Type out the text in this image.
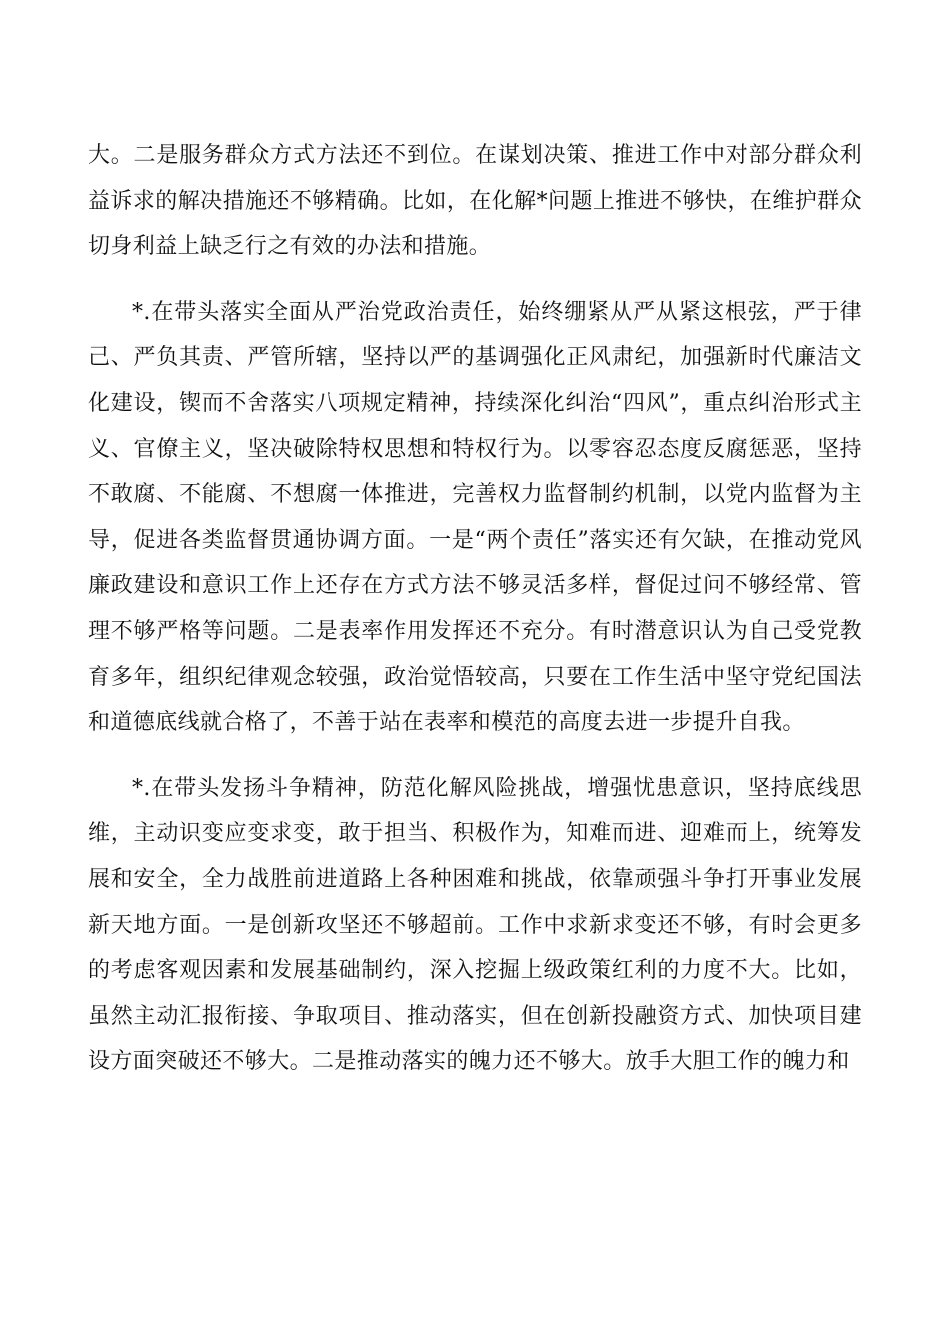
大。二是服务群众方式方法还不到位。在谋划决策、推进工作中对部分群众利益诉求的解决措施还不够精确。比如，在化解*问题上推进不够快，在维护群众切身利益上缺乏行之有效的办法和措施。

*.在带头落实全面从严治党政治责任，始终绷紧从严从紧这根弦，严于律己、严负其责、严管所辖，坚持以严的基调强化正风肃纪，加强新时代廉洁文化建设，锲而不舍落实八项规定精神，持续深化纠治“四风”，重点纠治形式主义、官僚主义，坚决破除特权思想和特权行为。以零容忍态度反腐惩恶，坚持不敢腐、不能腐、不想腐一体推进，完善权力监督制约机制，以党内监督为主导，促进各类监督贯通协调方面。一是“两个责任”落实还有欠缺，在推动党风廉政建设和意识工作上还存在方式方法不够灵活多样，督促过问不够经常、管理不够严格等问题。二是表率作用发挥还不充分。有时潜意识认为自己受党教育多年，组织纪律观念较强，政治觉悟较高，只要在工作生活中坚守党纪国法和道德底线就合格了，不善于站在表率和模范的高度去进一步提升自我。

*.在带头发扬斗争精神，防范化解风险挑战，增强忧患意识，坚持底线思维，主动识变应变求变，敢于担当、积极作为，知难而进、迎难而上，统筹发展和安全，全力战胜前进道路上各种困难和挑战，依靠顽强斗争打开事业发展新天地方面。一是创新攻坚还不够超前。工作中求新求变还不够，有时会更多的考虑客观因素和发展基础制约，深入挖掘上级政策红利的力度不大。比如，虽然主动汇报衔接、争取项目、推动落实，但在创新投融资方式、加快项目建设方面突破还不够大。二是推动落实的魄力还不够大。放手大胆工作的魄力和
